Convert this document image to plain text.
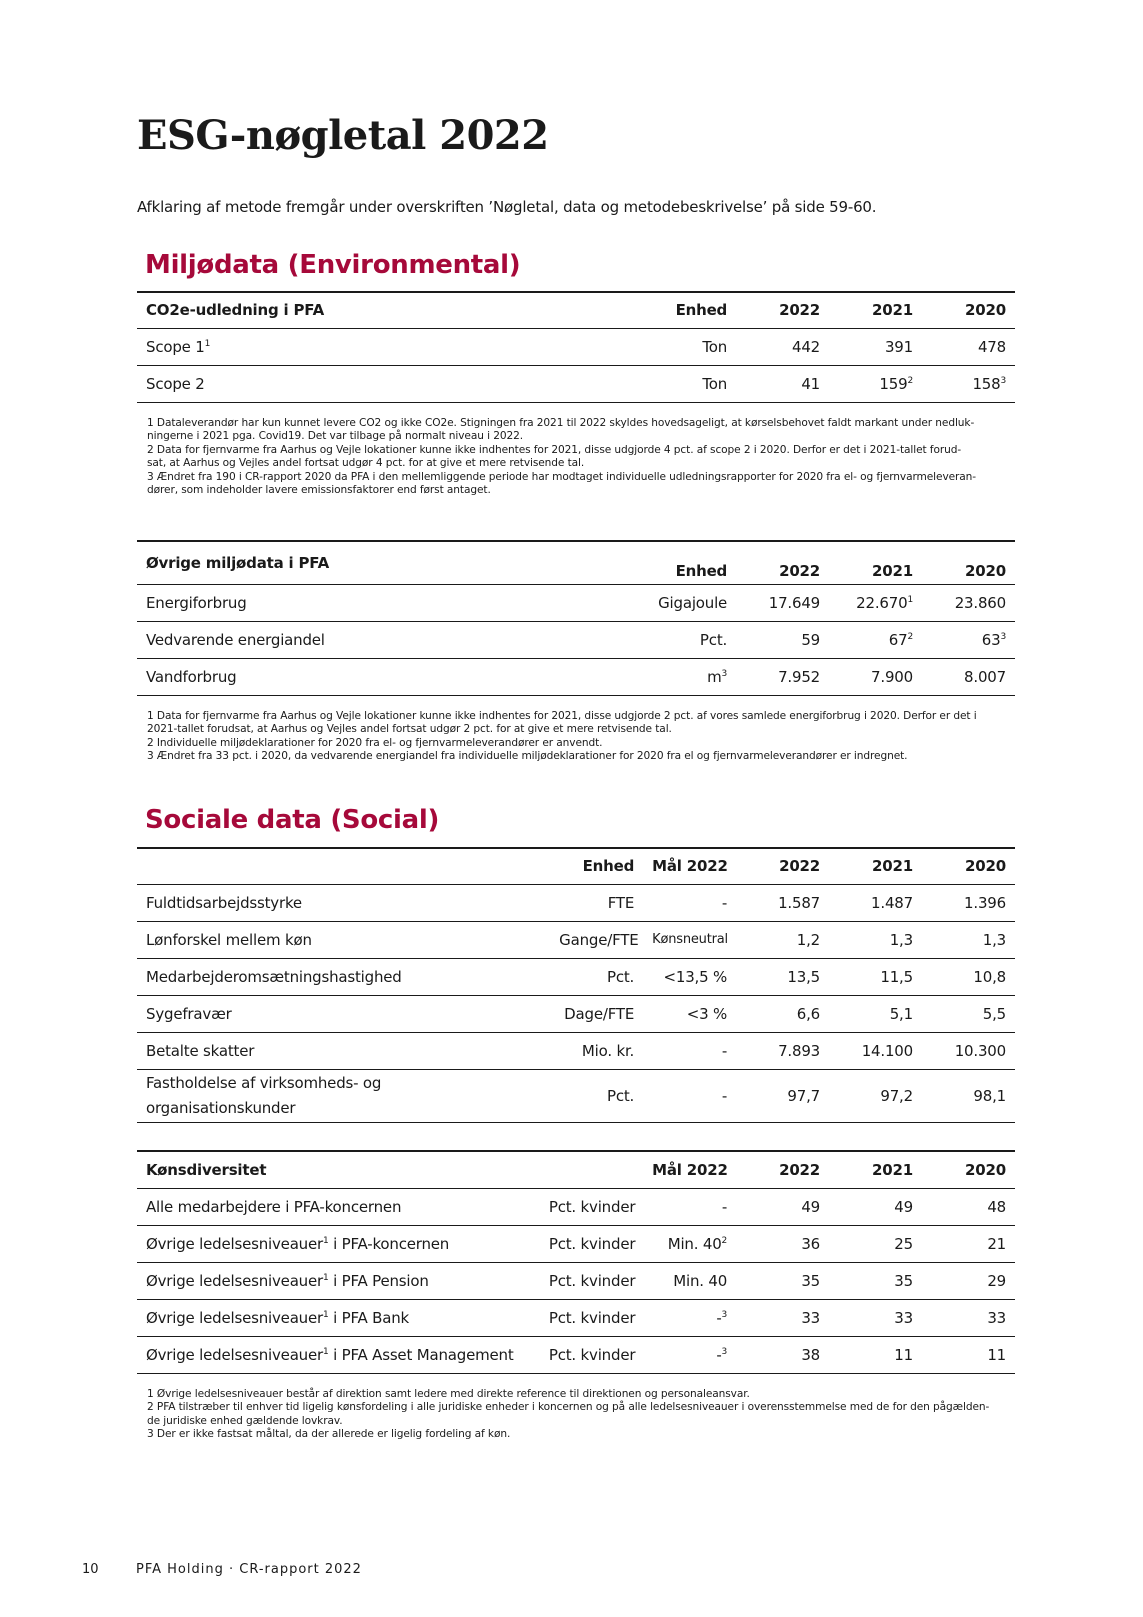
ESG-nøgletal 2022

Afklaring af metode fremgår under overskriften ’Nøgletal, data og metodebeskrivelse’ på side 59-60.

Miljødata (Environmental)
CO2e-udledning i PFA	Enhed	2022	2021	2020
Scope $1^1$	Ton	442	391	478
Scope 2	Ton	41	$159^2$	$158^3$

1 Dataleverandør har kun kunnet levere CO2 og ikke CO2e. Stigningen fra 2021 til 2022 skyldes hovedsageligt, at kørselsbehovet faldt markant under nedluk-

ningerne i 2021 pga. Covid19. Det var tilbage på normalt niveau i 2022.

2 Data for fjernvarme fra Aarhus og Vejle lokationer kunne ikke indhentes for 2021, disse udgjorde 4 pct. af scope 2 i 2020. Derfor er det i 2021-tallet forud-

sat, at Aarhus og Vejles andel fortsat udgør 4 pct. for at give et mere retvisende tal.

3 Ændret fra 190 i CR-rapport 2020 da PFA i den mellemliggende periode har modtaget individuelle udledningsrapporter for 2020 fra el- og fjernvarmeleveran-

dører, som indeholder lavere emissionsfaktorer end først antaget.

Øvrige miljødata i PFA	Enhed	2022	2021	2020
Energiforbrug	Gigajoule	17.649	22.670$^1$	23.860
Vedvarende energiandel	Pct.	59	$67^2$	$63^3$
Vandforbrug	$m^3$	7.952	7.900	8.007

1 Data for fjernvarme fra Aarhus og Vejle lokationer kunne ikke indhentes for 2021, disse udgjorde 2 pct. af vores samlede energiforbrug i 2020. Derfor er det i

2021-tallet forudsat, at Aarhus og Vejles andel fortsat udgør 2 pct. for at give et mere retvisende tal.

2 Individuelle miljødeklarationer for 2020 fra el- og fjernvarmeleverandører er anvendt.

3 Ændret fra 33 pct. i 2020, da vedvarende energiandel fra individuelle miljødeklarationer for 2020 fra el og fjernvarmeleverandører er indregnet.

Sociale data (Social)
	Enhed	Mål 2022	2022	2021	2020
Fuldtidsarbejdsstyrke	FTE	-	1.587	1.487	1.396
Lønforskel mellem køn	Gange/FTE	Kønsneutral	1,2	1,3	1,3
Medarbejderomsætningshastighed	Pct.	<13,5 %	13,5	11,5	10,8
Sygefravær	Dage/FTE	<3 %	6,6	5,1	5,5
Betalte skatter	Mio. kr.	-	7.893	14.100	10.300
Fastholdelse af virksomheds- og organisationskunder	Pct.	-	97,7	97,2	98,1
Kønsdiversitet		Mål 2022	2022	2021	2020
Alle medarbejdere i PFA-koncernen	Pct. kvinder	-	49	49	48
Øvrige ledelsesniveauer$^1$ i PFA-koncernen	Pct. kvinder	Min. $40^2$	36	25	21
Øvrige ledelsesniveauer$^1$ i PFA Pension	Pct. kvinder	Min. 40	35	35	29
Øvrige ledelsesniveauer$^1$ i PFA Bank	Pct. kvinder	-$^3$	33	33	33
Øvrige ledelsesniveauer$^1$ i PFA Asset Management	Pct. kvinder	-$^3$	38	11	11

1 Øvrige ledelsesniveauer består af direktion samt ledere med direkte reference til direktionen og personaleansvar.

2 PFA tilstræber til enhver tid ligelig kønsfordeling i alle juridiske enheder i koncernen og på alle ledelsesniveauer i overensstemmelse med de for den pågælden-

de juridiske enhed gældende lovkrav.

3 Der er ikke fastsat måltal, da der allerede er ligelig fordeling af køn.

10	PFA Holding · CR-rapport 2022
